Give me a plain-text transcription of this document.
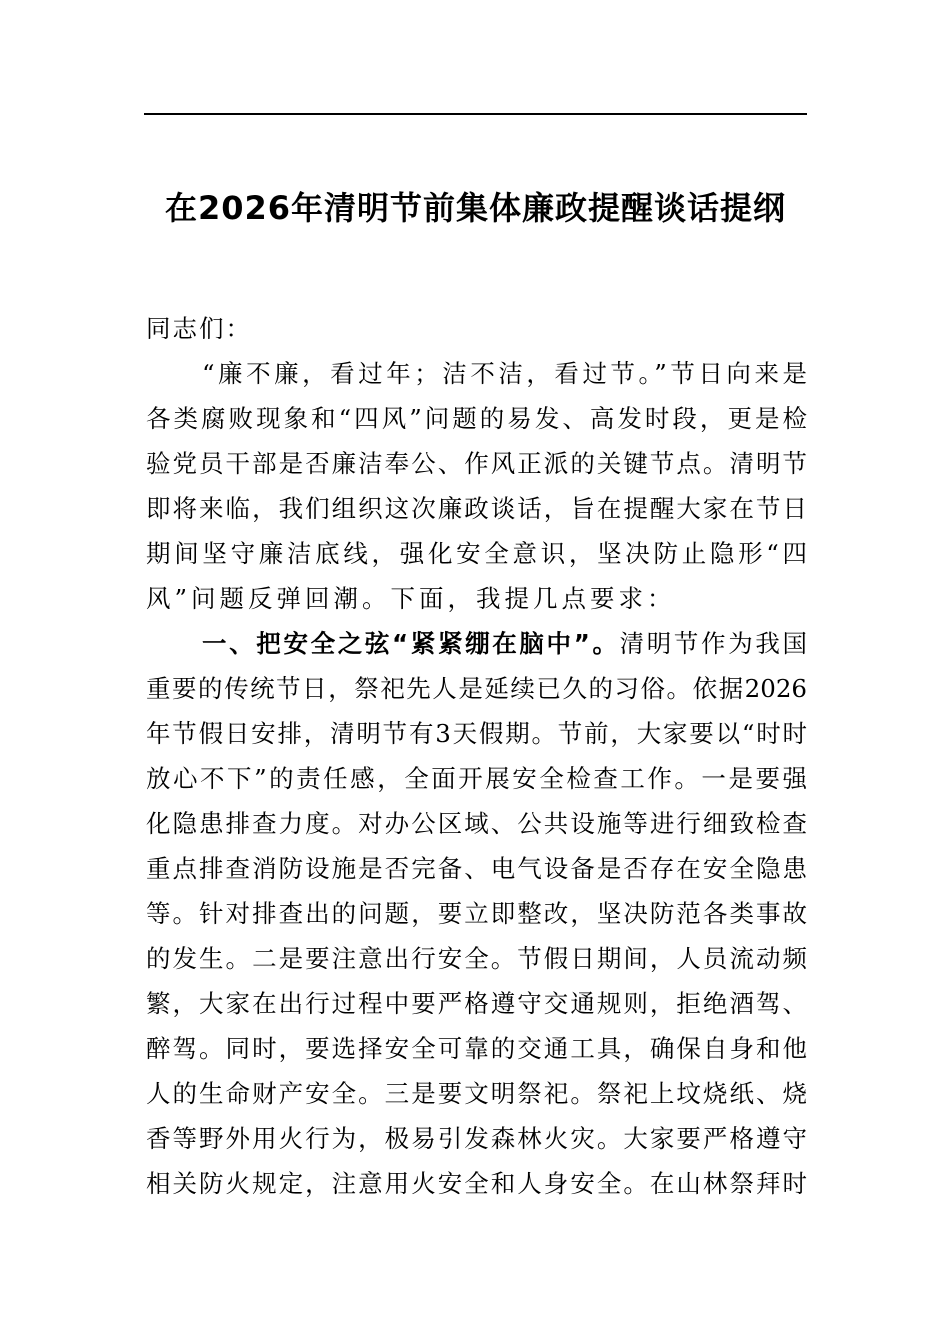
在2026年清明节前集体廉政提醒谈话提纲
同志们：
“廉不廉，看过年；洁不洁，看过节。”节日向来是
各类腐败现象和“四风”问题的易发、高发时段，更是检
验党员干部是否廉洁奉公、作风正派的关键节点。清明节
即将来临，我们组织这次廉政谈话，旨在提醒大家在节日
期间坚守廉洁底线，强化安全意识，坚决防止隐形“四
风”问题反弹回潮。下面，我提几点要求：
一、把安全之弦“紧紧绷在脑中”。清明节作为我国
重要的传统节日，祭祀先人是延续已久的习俗。依据2026
年节假日安排，清明节有3天假期。节前，大家要以“时时
放心不下”的责任感，全面开展安全检查工作。一是要强
化隐患排查力度。对办公区域、公共设施等进行细致检查
重点排查消防设施是否完备、电气设备是否存在安全隐患
等。针对排查出的问题，要立即整改，坚决防范各类事故
的发生。二是要注意出行安全。节假日期间，人员流动频
繁，大家在出行过程中要严格遵守交通规则，拒绝酒驾、
醉驾。同时，要选择安全可靠的交通工具，确保自身和他
人的生命财产安全。三是要文明祭祀。祭祀上坟烧纸、烧
香等野外用火行为，极易引发森林火灾。大家要严格遵守
相关防火规定，注意用火安全和人身安全。在山林祭拜时
